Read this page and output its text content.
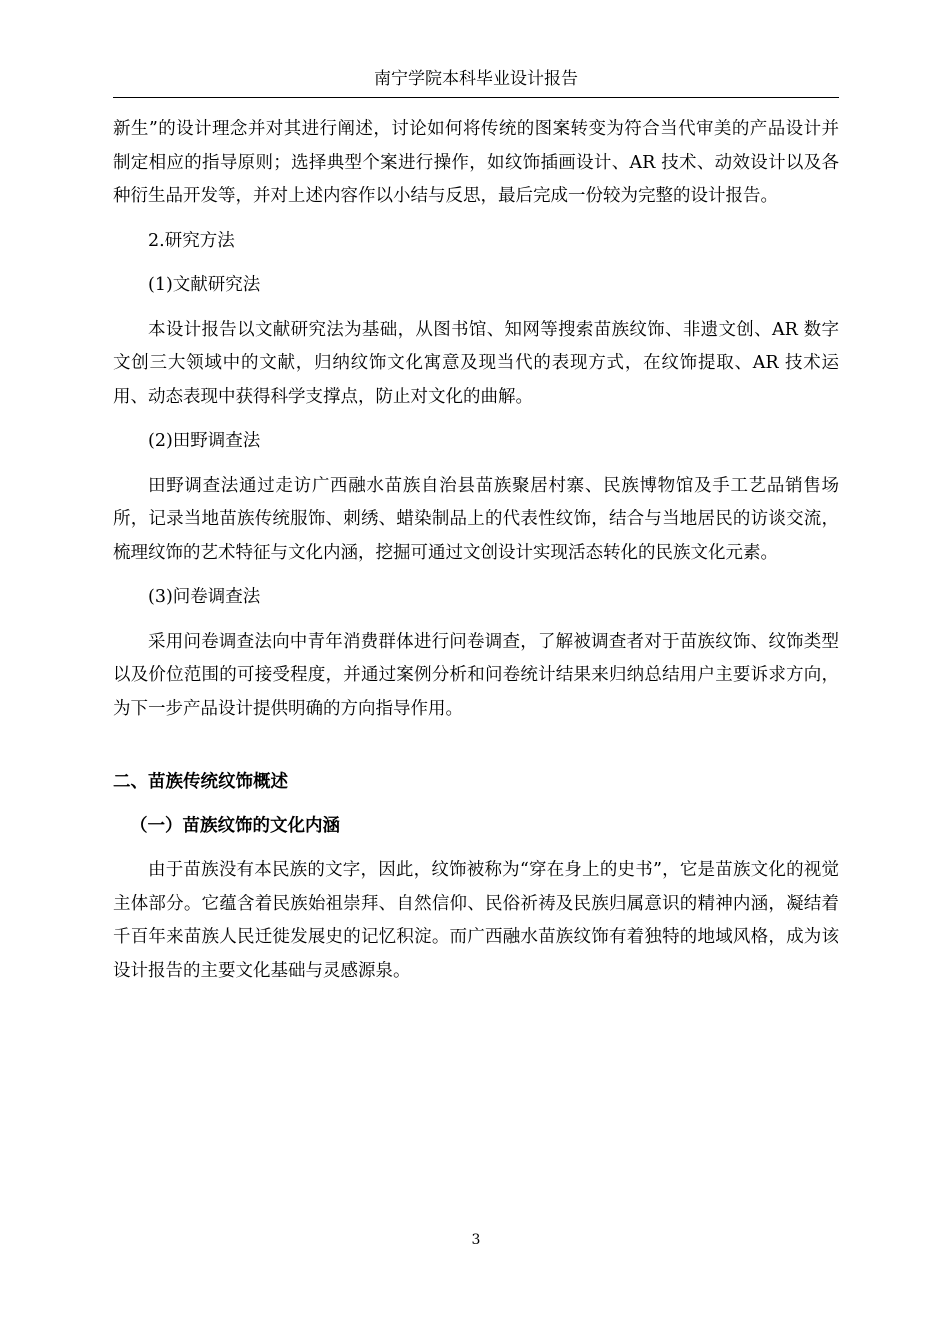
南宁学院本科毕业设计报告

新生”的设计理念并对其进行阐述，讨论如何将传统的图案转变为符合当代审美的产品设计并制定相应的指导原则；选择典型个案进行操作，如纹饰插画设计、AR 技术、动效设计以及各种衍生品开发等，并对上述内容作以小结与反思，最后完成一份较为完整的设计报告。

2.研究方法

(1)文献研究法

本设计报告以文献研究法为基础，从图书馆、知网等搜索苗族纹饰、非遗文创、AR 数字文创三大领域中的文献，归纳纹饰文化寓意及现当代的表现方式，在纹饰提取、AR 技术运用、动态表现中获得科学支撑点，防止对文化的曲解。

(2)田野调查法

田野调查法通过走访广西融水苗族自治县苗族聚居村寨、民族博物馆及手工艺品销售场所，记录当地苗族传统服饰、刺绣、蜡染制品上的代表性纹饰，结合与当地居民的访谈交流，梳理纹饰的艺术特征与文化内涵，挖掘可通过文创设计实现活态转化的民族文化元素。

(3)问卷调查法

采用问卷调查法向中青年消费群体进行问卷调查，了解被调查者对于苗族纹饰、纹饰类型以及价位范围的可接受程度，并通过案例分析和问卷统计结果来归纳总结用户主要诉求方向，为下一步产品设计提供明确的方向指导作用。

二、苗族传统纹饰概述

（一）苗族纹饰的文化内涵

由于苗族没有本民族的文字，因此，纹饰被称为“穿在身上的史书”，它是苗族文化的视觉主体部分。它蕴含着民族始祖崇拜、自然信仰、民俗祈祷及民族归属意识的精神内涵，凝结着千百年来苗族人民迁徙发展史的记忆积淀。而广西融水苗族纹饰有着独特的地域风格，成为该设计报告的主要文化基础与灵感源泉。

3
